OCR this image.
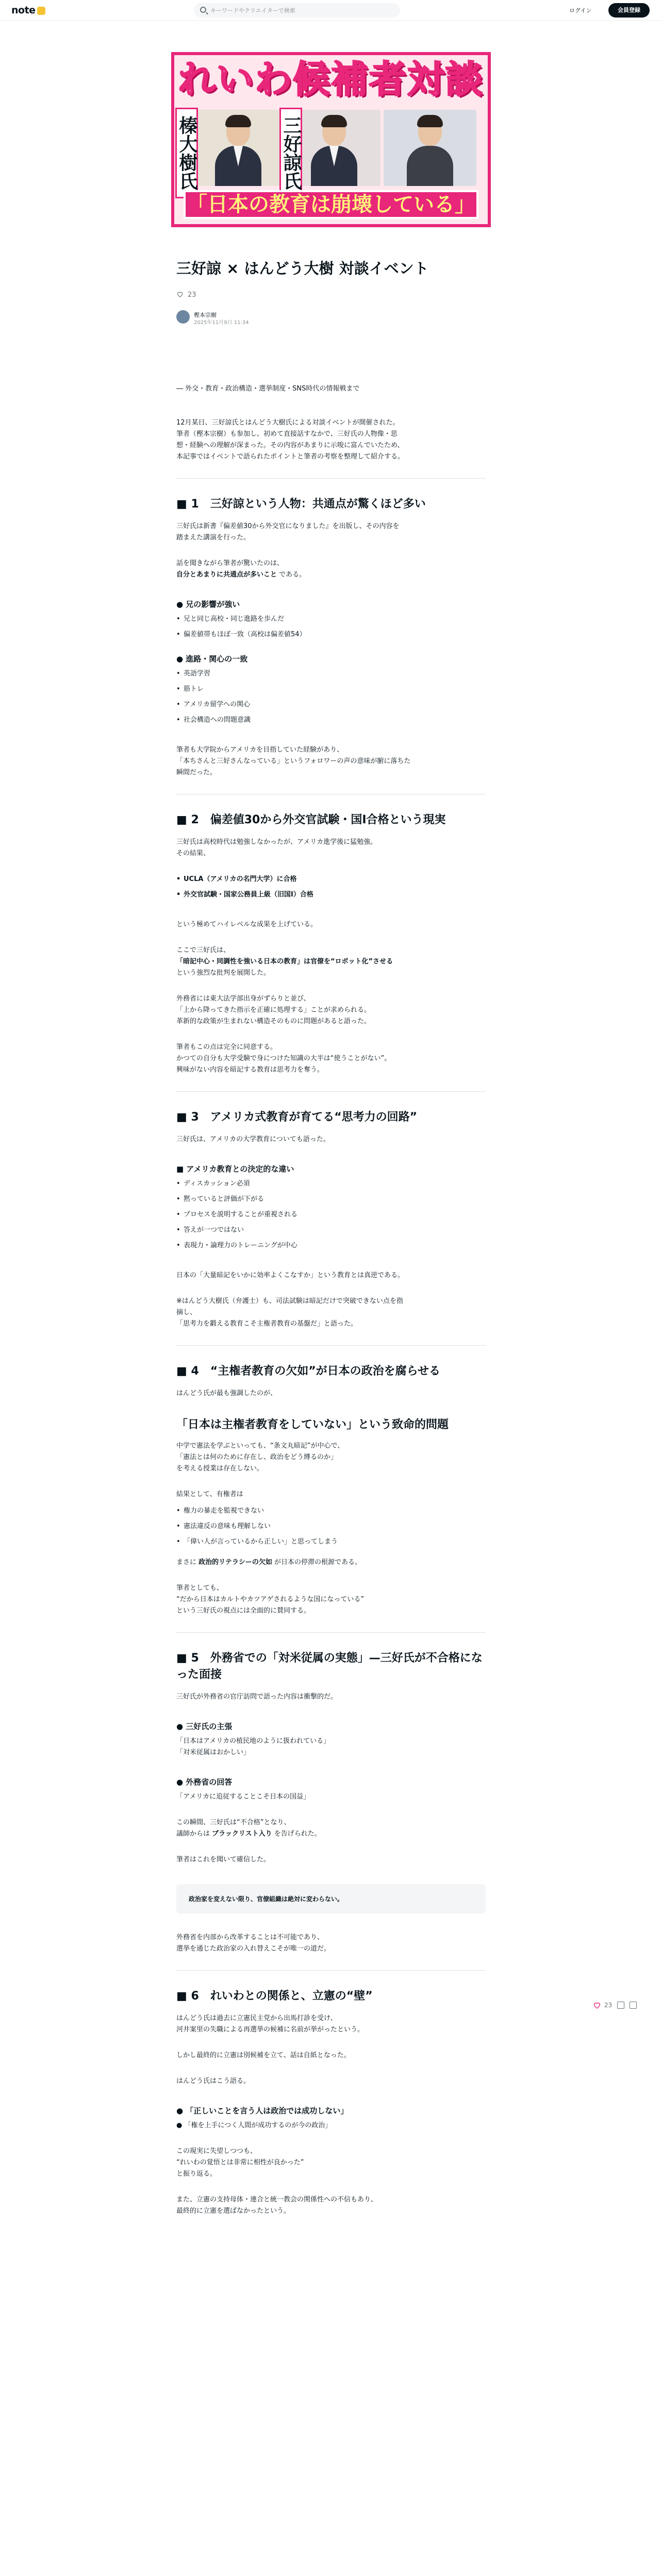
note
キーワードやクリエイターで検索	ログイン	会員登録
れいわ候補者対談
榛大樹氏	三好諒氏
「日本の教育は崩壊している」
三好諒 × はんどう大樹 対談イベント
23
樫本宗樹
2025年11月9日 11:34

― 外交・教育・政治構造・選挙制度・SNS時代の情報戦まで

12月某日、三好諒氏とはんどう大樹氏による対談イベントが開催された。

筆者（樫本宗樹）も参加し、初めて直接話すなかで、三好氏の人物像・思

想・経験への理解が深まった。その内容があまりに示唆に富んでいたため、

本記事ではイベントで語られたポイントと筆者の考察を整理して紹介する。

■ 1　三好諒という人物：共通点が驚くほど多い

三好氏は新書『偏差値30から外交官になりました』を出版し、その内容を

踏まえた講演を行った。

話を聞きながら筆者が驚いたのは、

自分とあまりに共通点が多いこと である。

● 兄の影響が強い
• 兄と同じ高校・同じ進路を歩んだ
• 偏差値帯もほぼ一致（高校は偏差値54）
● 進路・関心の一致
• 英語学習
• 筋トレ
• アメリカ留学への関心
• 社会構造への問題意識

筆者も大学院からアメリカを目指していた経験があり、

「本ちさんと三好さんなっている」というフォロワーの声の意味が腑に落ちた

瞬間だった。

■ 2　偏差値30から外交官試験・国I合格という現実

三好氏は高校時代は勉強しなかったが、アメリカ進学後に猛勉強。

その結果、

• UCLA（アメリカの名門大学）に合格
• 外交官試験・国家公務員上級（旧国I）合格

という極めてハイレベルな成果を上げている。

ここで三好氏は、

「暗記中心・同調性を強いる日本の教育」は官僚を“ロボット化”させる

という強烈な批判を展開した。

外務省には東大法学部出身がずらりと並び、

「上から降ってきた指示を正確に処理する」ことが求められる。

革新的な政策が生まれない構造そのものに問題があると語った。

筆者もこの点は完全に同意する。

かつての自分も大学受験で身につけた知識の大半は“使うことがない”。

興味がない内容を暗記する教育は思考力を奪う。

■ 3　アメリカ式教育が育てる“思考力の回路”

三好氏は、アメリカの大学教育についても語った。

■ アメリカ教育との決定的な違い
• ディスカッション必須
• 黙っていると評価が下がる
• プロセスを説明することが重視される
• 答えが一つではない
• 表現力・論理力のトレーニングが中心

日本の「大量暗記をいかに効率よくこなすか」という教育とは真逆である。

※はんどう大樹氏（弁護士）も、司法試験は暗記だけで突破できない点を指

摘し、

「思考力を鍛える教育こそ主権者教育の基盤だ」と語った。

■ 4　“主権者教育の欠如”が日本の政治を腐らせる

はんどう氏が最も強調したのが、

「日本は主権者教育をしていない」という致命的問題

中学で憲法を学ぶといっても、“条文丸暗記”が中心で、

「憲法とは何のために存在し、政治をどう縛るのか」

を考える授業は存在しない。

結果として、有権者は

• 権力の暴走を監視できない
• 憲法違反の意味も理解しない
• 「偉い人が言っているから正しい」と思ってしまう

まさに 政治的リテラシーの欠如 が日本の停滞の根源である。

筆者としても、

“だから日本はカルトやカツアゲされるような国になっている”

という三好氏の視点には全面的に賛同する。

■ 5　外務省での「対米従属の実態」—三好氏が不合格になった面接

三好氏が外務省の官庁訪問で語った内容は衝撃的だ。

● 三好氏の主張

「日本はアメリカの植民地のように扱われている」

「対米従属はおかしい」

● 外務省の回答

「アメリカに追従することこそ日本の国益」

この瞬間、三好氏は“不合格”となり、

議師からは ブラックリスト入り を告げられた。

筆者はこれを聞いて確信した。

政治家を変えない限り、官僚組織は絶対に変わらない。

外務省を内部から改革することは不可能であり、

選挙を通じた政治家の入れ替えこそが唯一の道だ。

■ 6　れいわとの関係と、立憲の“壁”

はんどう氏は過去に立憲民主党から出馬打診を受け、

河井案里の失職による再選挙の候補に名前が挙がったという。

しかし最終的に立憲は別候補を立て、話は自紙となった。

はんどう氏はこう語る。

● 「正しいことを言う人は政治では成功しない」

● 「権を上手につく人間が成功するのが今の政治」

この現実に失望しつつも、

“れいわの覚悟とは非常に相性が良かった”

と振り返る。

また、立憲の支持母体・連合と統一教会の関係性への不信もあり、

最終的に立憲を選ばなかったという。

23
